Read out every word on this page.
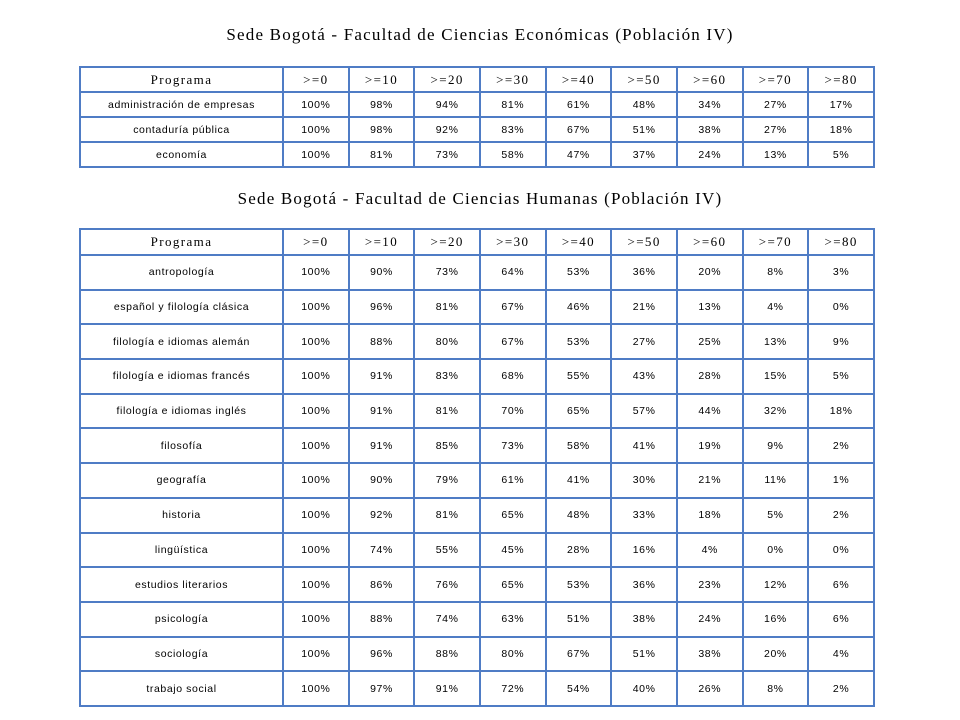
Sede Bogotá - Facultad de Ciencias Económicas (Población IV)
Programa	>=0	>=10	>=20	>=30	>=40	>=50	>=60	>=70	>=80
administración de empresas	100%	98%	94%	81%	61%	48%	34%	27%	17%
contaduría pública	100%	98%	92%	83%	67%	51%	38%	27%	18%
economía	100%	81%	73%	58%	47%	37%	24%	13%	5%
Sede Bogotá - Facultad de Ciencias Humanas (Población IV)
Programa	>=0	>=10	>=20	>=30	>=40	>=50	>=60	>=70	>=80
antropología	100%	90%	73%	64%	53%	36%	20%	8%	3%
español y filología clásica	100%	96%	81%	67%	46%	21%	13%	4%	0%
filología e idiomas alemán	100%	88%	80%	67%	53%	27%	25%	13%	9%
filología e idiomas francés	100%	91%	83%	68%	55%	43%	28%	15%	5%
filología e idiomas inglés	100%	91%	81%	70%	65%	57%	44%	32%	18%
filosofía	100%	91%	85%	73%	58%	41%	19%	9%	2%
geografía	100%	90%	79%	61%	41%	30%	21%	11%	1%
historia	100%	92%	81%	65%	48%	33%	18%	5%	2%
lingüística	100%	74%	55%	45%	28%	16%	4%	0%	0%
estudios literarios	100%	86%	76%	65%	53%	36%	23%	12%	6%
psicología	100%	88%	74%	63%	51%	38%	24%	16%	6%
sociología	100%	96%	88%	80%	67%	51%	38%	20%	4%
trabajo social	100%	97%	91%	72%	54%	40%	26%	8%	2%
